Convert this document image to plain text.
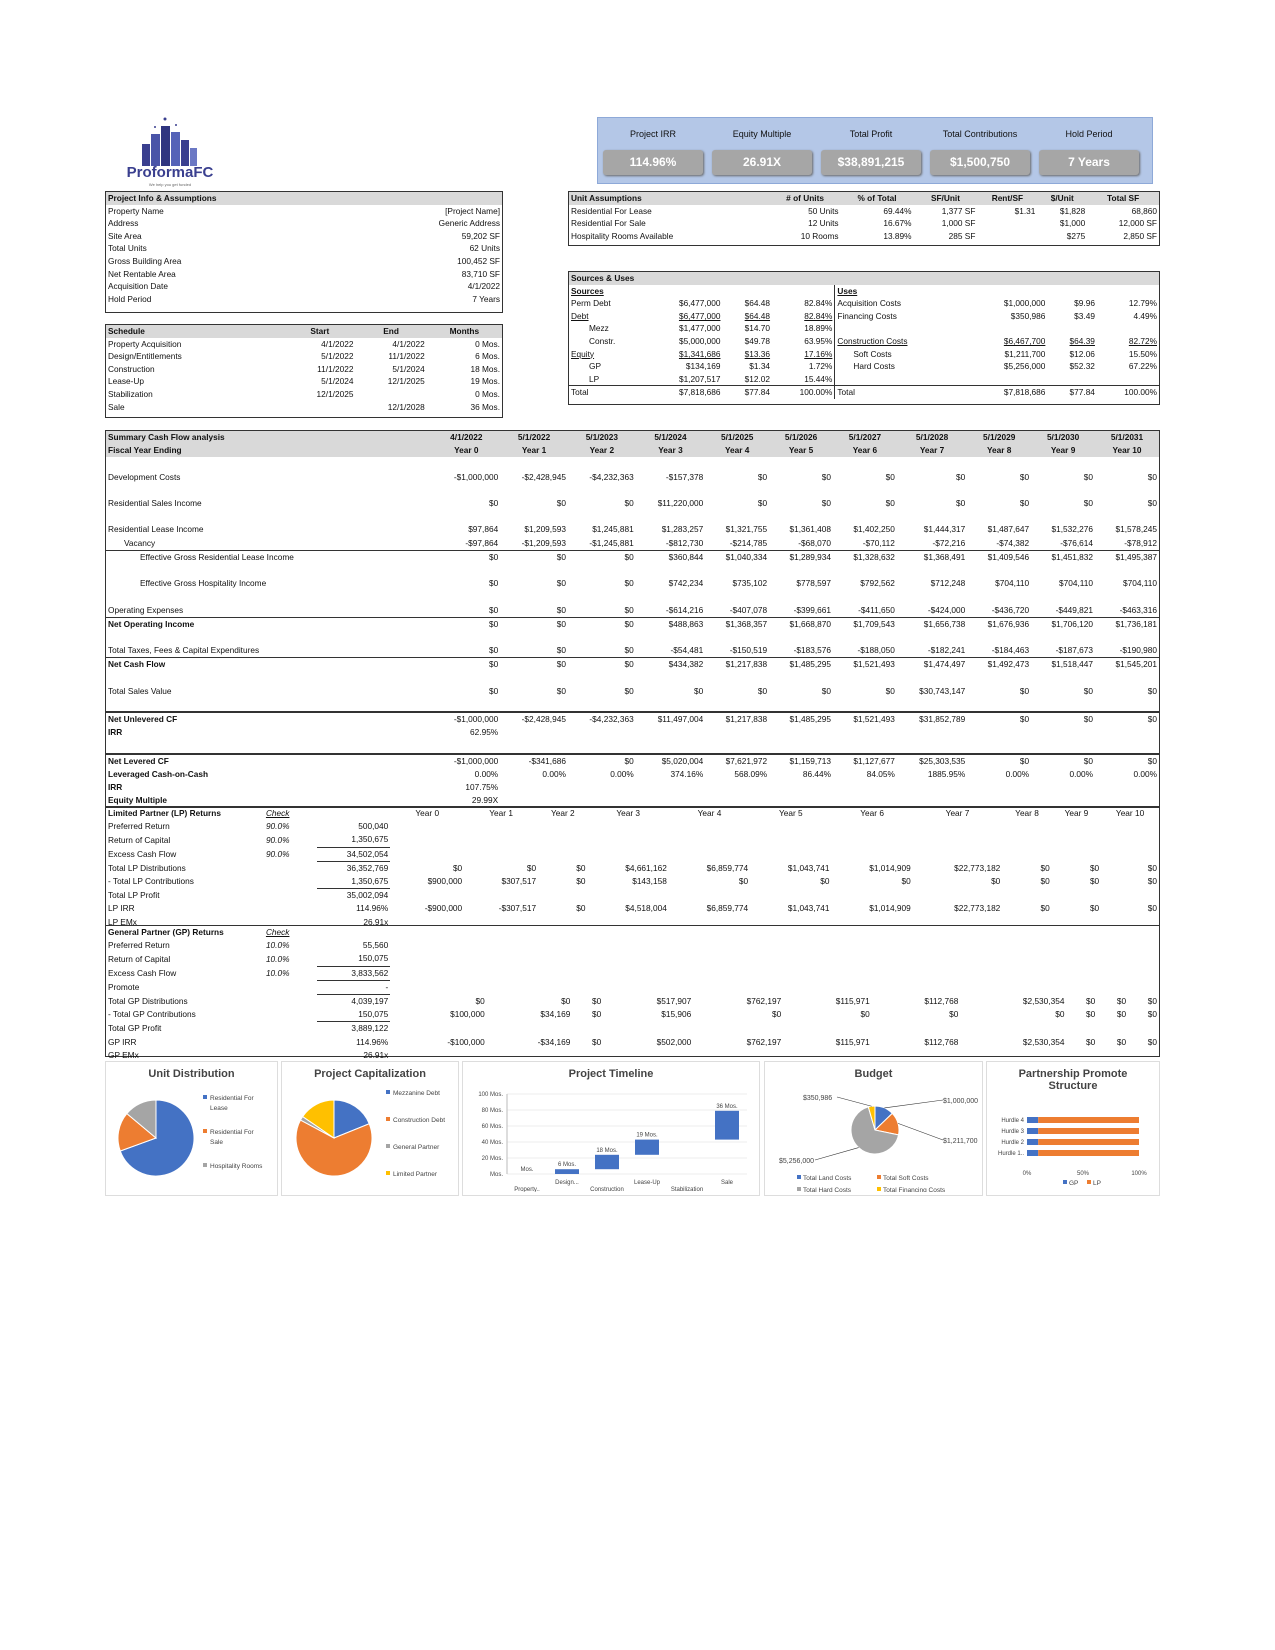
ProformaFC
We help you get funded
Project IRR	Equity Multiple	Total Profit	Total Contributions	Hold Period
114.96%	26.91X	$38,891,215	$1,500,750	7 Years
Project Info & Assumptions	
Property Name	[Project Name]
Address	Generic Address
Site Area	59,202 SF
Total Units	62 Units
Gross Building Area	100,452 SF
Net Rentable Area	83,710 SF
Acquisition Date	4/1/2022
Hold Period	7 Years
Schedule	Start	End	Months
Property Acquisition	4/1/2022	4/1/2022	0 Mos.
Design/Entitlements	5/1/2022	11/1/2022	6 Mos.
Construction	11/1/2022	5/1/2024	18 Mos.
Lease-Up	5/1/2024	12/1/2025	19 Mos.
Stabilization	12/1/2025		0 Mos.
Sale		12/1/2028	36 Mos.
Unit Assumptions	# of Units	% of Total	SF/Unit	Rent/SF	$/Unit	Total SF
Residential For Lease	50 Units	69.44%	1,377 SF	$1.31	$1,828	68,860
Residential For Sale	12 Units	16.67%	1,000 SF		$1,000	12,000 SF
Hospitality Rooms Available	10 Rooms	13.89%	285 SF		$275	2,850 SF
Sources & Uses							
Sources				Uses			
Perm Debt	$6,477,000	$64.48	82.84%	Acquisition Costs	$1,000,000	$9.96	12.79%
Debt	$6,477,000	$64.48	82.84%	Financing Costs	$350,986	$3.49	4.49%
Mezz	$1,477,000	$14.70	18.89%				
Constr.	$5,000,000	$49.78	63.95%	Construction Costs	$6,467,700	$64.39	82.72%
Equity	$1,341,686	$13.36	17.16%	Soft Costs	$1,211,700	$12.06	15.50%
GP	$134,169	$1.34	1.72%	Hard Costs	$5,256,000	$52.32	67.22%
LP	$1,207,517	$12.02	15.44%				
Total	$7,818,686	$77.84	100.00%	Total	$7,818,686	$77.84	100.00%
Summary Cash Flow analysis	4/1/2022	5/1/2022	5/1/2023	5/1/2024	5/1/2025	5/1/2026	5/1/2027	5/1/2028	5/1/2029	5/1/2030	5/1/2031
Fiscal Year Ending	Year 0	Year 1	Year 2	Year 3	Year 4	Year 5	Year 6	Year 7	Year 8	Year 9	Year 10

Development Costs	-$1,000,000	-$2,428,945	-$4,232,363	-$157,378	$0	$0	$0	$0	$0	$0	$0

Residential Sales Income	$0	$0	$0	$11,220,000	$0	$0	$0	$0	$0	$0	$0

Residential Lease Income	$97,864	$1,209,593	$1,245,881	$1,283,257	$1,321,755	$1,361,408	$1,402,250	$1,444,317	$1,487,647	$1,532,276	$1,578,245
Vacancy	-$97,864	-$1,209,593	-$1,245,881	-$812,730	-$214,785	-$68,070	-$70,112	-$72,216	-$74,382	-$76,614	-$78,912
Effective Gross Residential Lease Income	$0	$0	$0	$360,844	$1,040,334	$1,289,934	$1,328,632	$1,368,491	$1,409,546	$1,451,832	$1,495,387

Effective Gross Hospitality Income	$0	$0	$0	$742,234	$735,102	$778,597	$792,562	$712,248	$704,110	$704,110	$704,110

Operating Expenses	$0	$0	$0	-$614,216	-$407,078	-$399,661	-$411,650	-$424,000	-$436,720	-$449,821	-$463,316
Net Operating Income	$0	$0	$0	$488,863	$1,368,357	$1,668,870	$1,709,543	$1,656,738	$1,676,936	$1,706,120	$1,736,181

Total Taxes, Fees & Capital Expenditures	$0	$0	$0	-$54,481	-$150,519	-$183,576	-$188,050	-$182,241	-$184,463	-$187,673	-$190,980
Net Cash Flow	$0	$0	$0	$434,382	$1,217,838	$1,485,295	$1,521,493	$1,474,497	$1,492,473	$1,518,447	$1,545,201

Total Sales Value	$0	$0	$0	$0	$0	$0	$0	$30,743,147	$0	$0	$0

Net Unlevered CF	-$1,000,000	-$2,428,945	-$4,232,363	$11,497,004	$1,217,838	$1,485,295	$1,521,493	$31,852,789	$0	$0	$0
IRR	62.95%										

Net Levered CF	-$1,000,000	-$341,686	$0	$5,020,004	$7,621,972	$1,159,713	$1,127,677	$25,303,535	$0	$0	$0
Leveraged Cash-on-Cash	0.00%	0.00%	0.00%	374.16%	568.09%	86.44%	84.05%	1885.95%	0.00%	0.00%	0.00%
IRR	107.75%										
Equity Multiple	29.99X										
Limited Partner (LP) Returns	Check		Year 0	Year 1	Year 2	Year 3	Year 4	Year 5	Year 6	Year 7	Year 8	Year 9	Year 10
Preferred Return	90.0%	500,040											
Return of Capital	90.0%	1,350,675											
Excess Cash Flow	90.0%	34,502,054											
Total LP Distributions		36,352,769	$0	$0	$0	$4,661,162	$6,859,774	$1,043,741	$1,014,909	$22,773,182	$0	$0	$0
- Total LP Contributions		1,350,675	$900,000	$307,517	$0	$143,158	$0	$0	$0	$0	$0	$0	$0
Total LP Profit		35,002,094											
LP IRR		114.96%	-$900,000	-$307,517	$0	$4,518,004	$6,859,774	$1,043,741	$1,014,909	$22,773,182	$0	$0	$0
LP EMx		26.91x											
General Partner (GP) Returns	Check												
Preferred Return	10.0%	55,560											
Return of Capital	10.0%	150,075											
Excess Cash Flow	10.0%	3,833,562											
Promote		-											
Total GP Distributions		4,039,197	$0	$0	$0	$517,907	$762,197	$115,971	$112,768	$2,530,354	$0	$0	$0
- Total GP Contributions		150,075	$100,000	$34,169	$0	$15,906	$0	$0	$0	$0	$0	$0	$0
Total GP Profit		3,889,122											
GP IRR		114.96%	-$100,000	-$34,169	$0	$502,000	$762,197	$115,971	$112,768	$2,530,354	$0	$0	$0
GP EMx		26.91x											
Unit Distribution
Residential For
Lease
Residential For
Sale
Hospitality Rooms
Project Capitalization
Mezzanine Debt
Construction Debt
General Partner
Limited Partner
Project Timeline
Mos.
20 Mos.
40 Mos.
60 Mos.
80 Mos.
100 Mos.
Mos.
6 Mos.
18 Mos.
19 Mos.
36 Mos.
Property..
Design...
Construction
Lease-Up
Stabilization
Sale
Budget
$1,000,000
$1,211,700
$5,256,000
$350,986
Total Land Costs	Total Soft Costs
Total Hard Costs	Total Financing Costs
Partnership Promote Structure
Hurdle 4
Hurdle 3
Hurdle 2
Hurdle 1..
0%	50%	100%
GP LP
